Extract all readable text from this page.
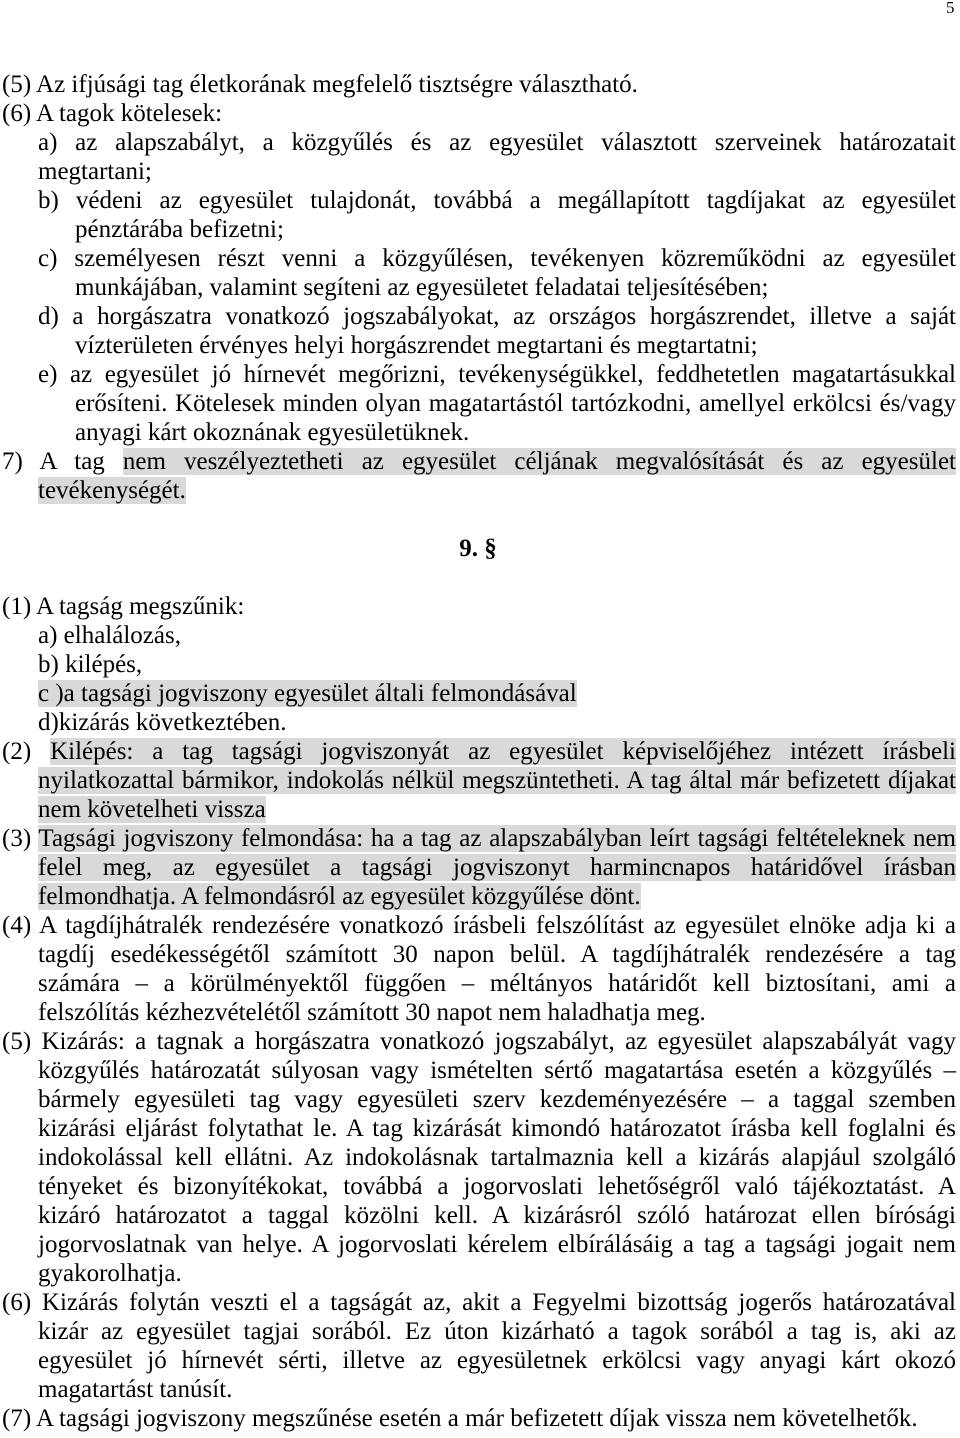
5
(5) Az ifjúsági tag életkorának megfelelő tisztségre választható.
(6) A tagok kötelesek:
a) az alapszabályt, a közgyűlés és az egyesület választott szerveinek határozatait
megtartani;
b) védeni az egyesület tulajdonát, továbbá a megállapított tagdíjakat az egyesület
pénztárába befizetni;
c) személyesen részt venni a közgyűlésen, tevékenyen közreműködni az egyesület
munkájában, valamint segíteni az egyesületet feladatai teljesítésében;
d) a horgászatra vonatkozó jogszabályokat, az országos horgászrendet, illetve a saját
vízterületen érvényes helyi horgászrendet megtartani és megtartatni;
e) az egyesület jó hírnevét megőrizni, tevékenységükkel, feddhetetlen magatartásukkal
erősíteni. Kötelesek minden olyan magatartástól tartózkodni, amellyel erkölcsi és/vagy
anyagi kárt okoznának egyesületüknek.
7) A tag nem veszélyeztetheti az egyesület céljának megvalósítását és az egyesület
tevékenységét.
9. §
(1) A tagság megszűnik:
a) elhalálozás,
b) kilépés,
c )a tagsági jogviszony egyesület általi felmondásával
d)kizárás következtében.
(2) Kilépés: a tag tagsági jogviszonyát az egyesület képviselőjéhez intézett írásbeli
nyilatkozattal bármikor, indokolás nélkül megszüntetheti. A tag által már befizetett díjakat
nem követelheti vissza
(3) Tagsági jogviszony felmondása: ha a tag az alapszabályban leírt tagsági feltételeknek nem
felel meg, az egyesület a tagsági jogviszonyt harmincnapos határidővel írásban
felmondhatja. A felmondásról az egyesület közgyűlése dönt.
(4) A tagdíjhátralék rendezésére vonatkozó írásbeli felszólítást az egyesület elnöke adja ki a
tagdíj esedékességétől számított 30 napon belül. A tagdíjhátralék rendezésére a tag
számára – a körülményektől függően – méltányos határidőt kell biztosítani, ami a
felszólítás kézhezvételétől számított 30 napot nem haladhatja meg.
(5) Kizárás: a tagnak a horgászatra vonatkozó jogszabályt, az egyesület alapszabályát vagy
közgyűlés határozatát súlyosan vagy ismételten sértő magatartása esetén a közgyűlés –
bármely egyesületi tag vagy egyesületi szerv kezdeményezésére – a taggal szemben
kizárási eljárást folytathat le. A tag kizárását kimondó határozatot írásba kell foglalni és
indokolással kell ellátni. Az indokolásnak tartalmaznia kell a kizárás alapjául szolgáló
tényeket és bizonyítékokat, továbbá a jogorvoslati lehetőségről való tájékoztatást. A
kizáró határozatot a taggal közölni kell. A kizárásról szóló határozat ellen bírósági
jogorvoslatnak van helye. A jogorvoslati kérelem elbírálásáig a tag a tagsági jogait nem
gyakorolhatja.
(6) Kizárás folytán veszti el a tagságát az, akit a Fegyelmi bizottság jogerős határozatával
kizár az egyesület tagjai sorából. Ez úton kizárható a tagok sorából a tag is, aki az
egyesület jó hírnevét sérti, illetve az egyesületnek erkölcsi vagy anyagi kárt okozó
magatartást tanúsít.
(7) A tagsági jogviszony megszűnése esetén a már befizetett díjak vissza nem követelhetők.
